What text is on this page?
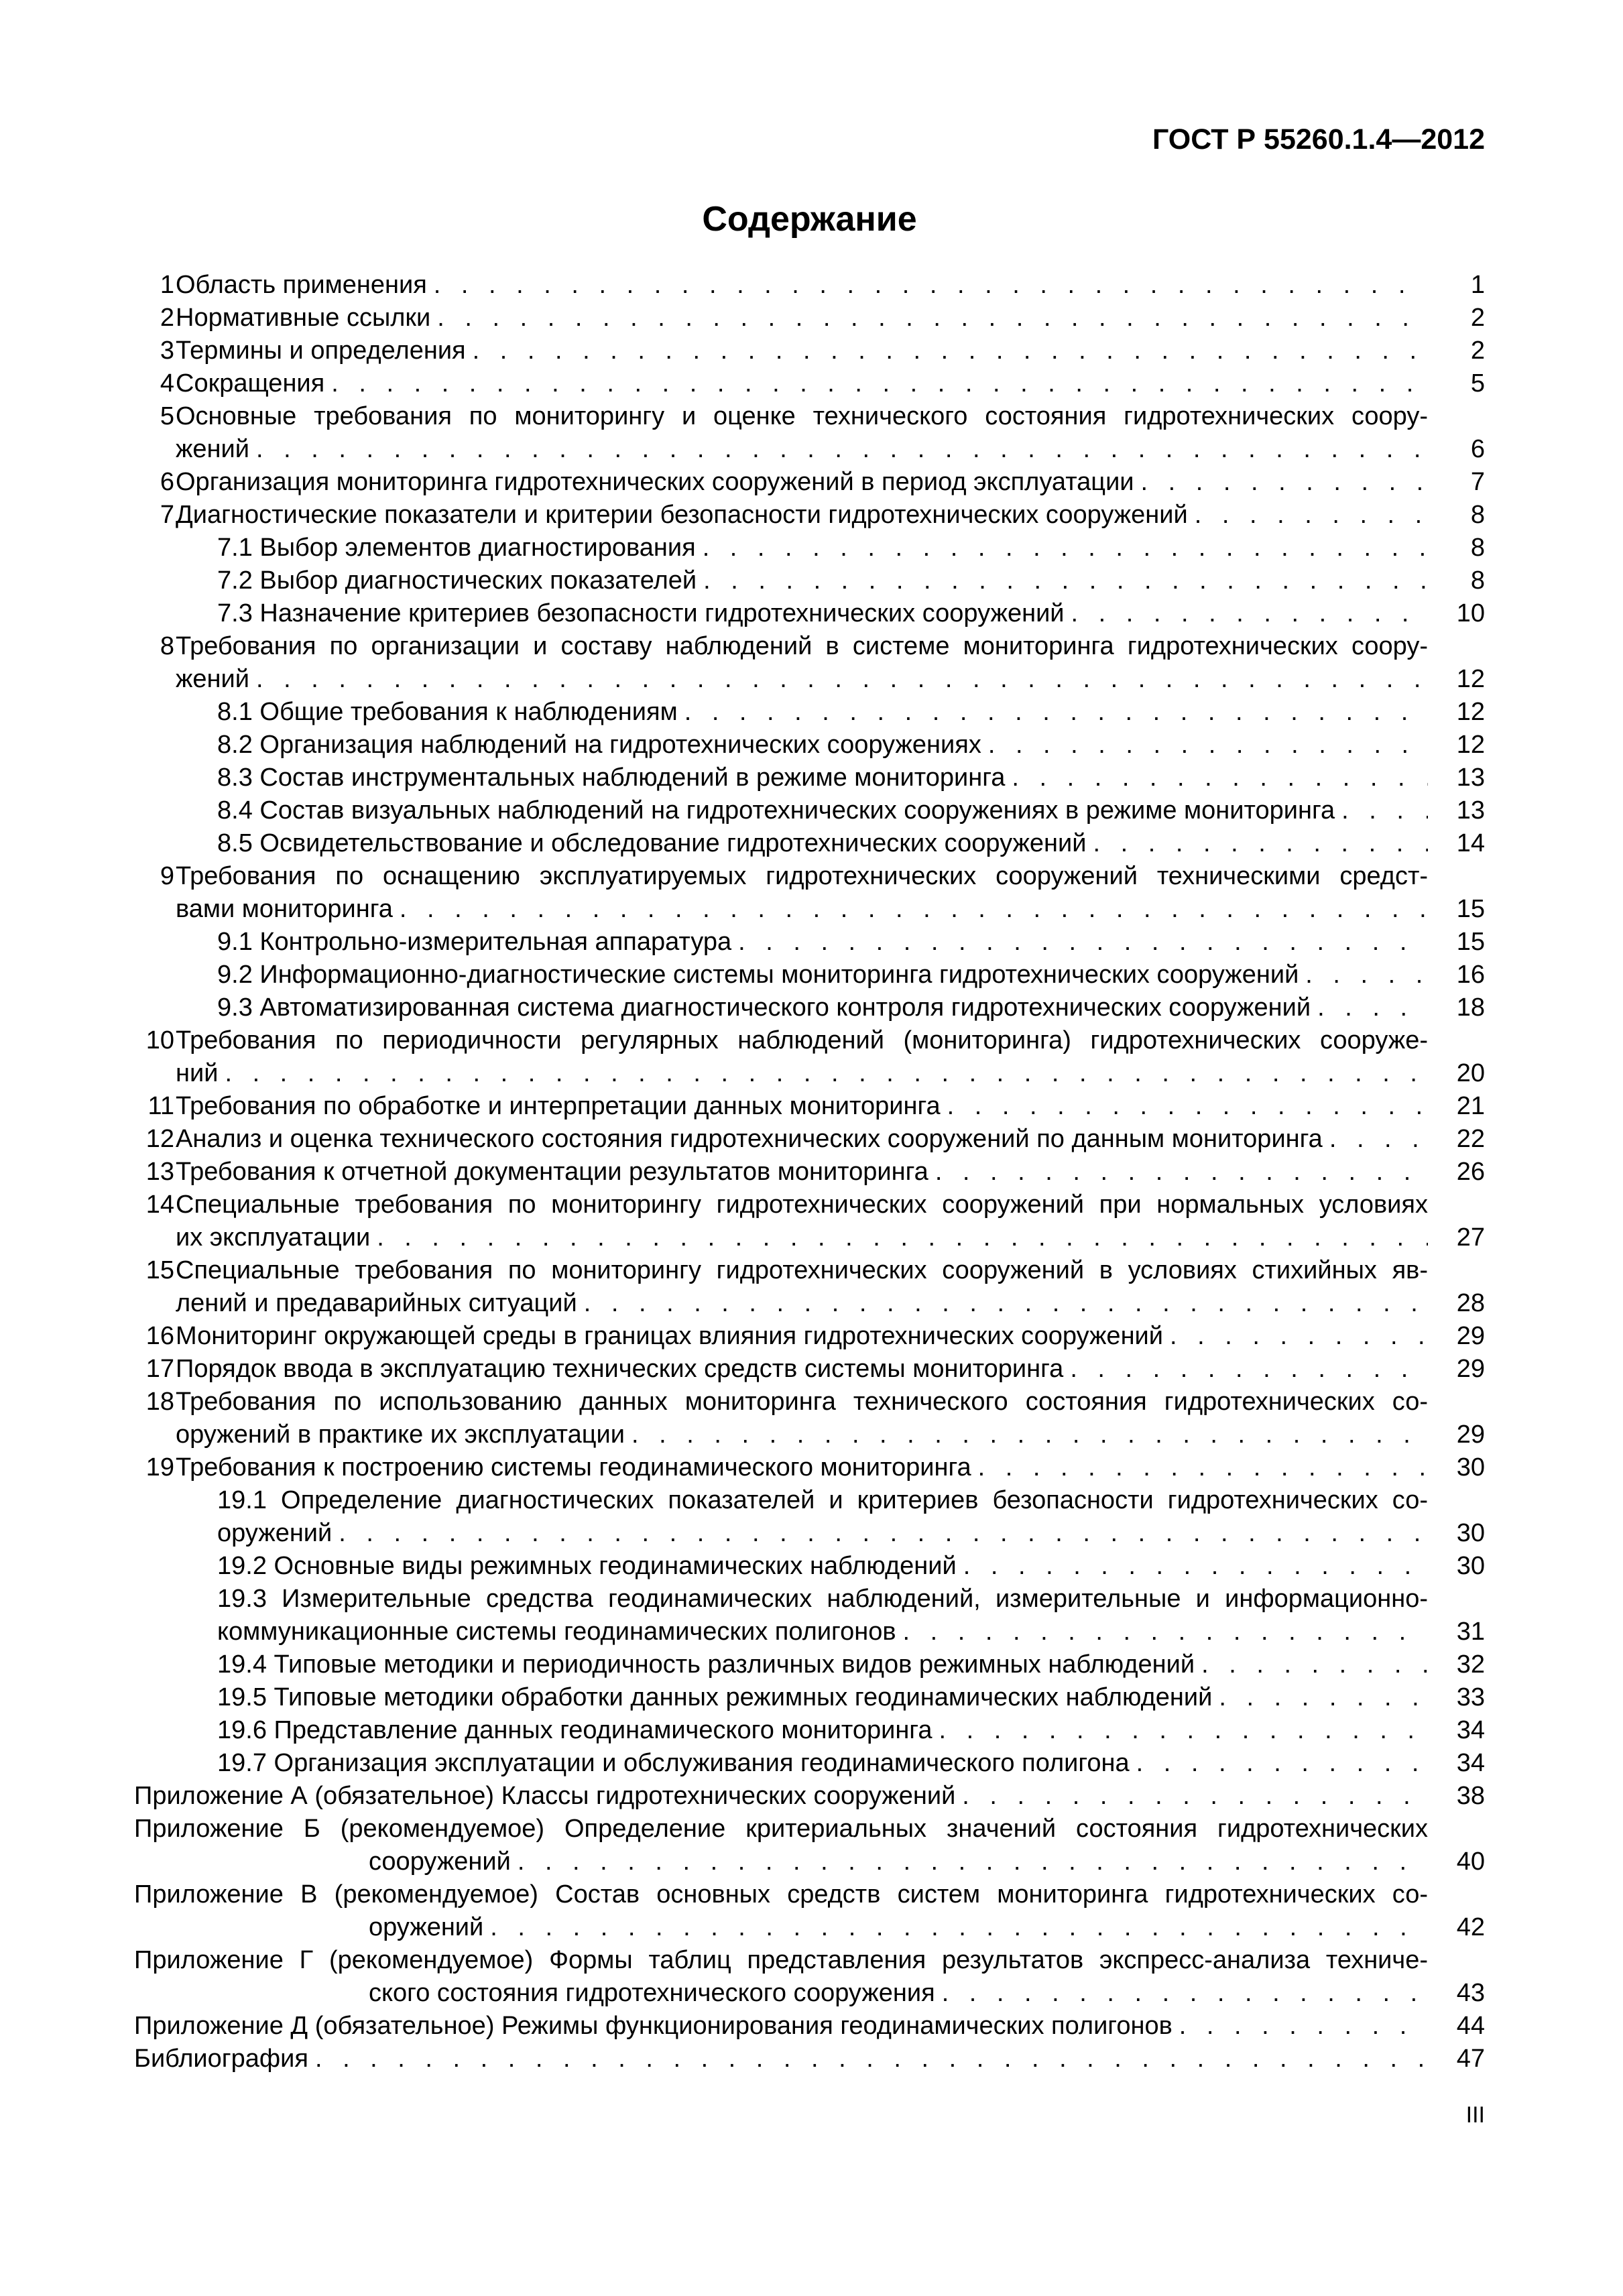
ГОСТ Р 55260.1.4—2012
Содержание
1 Область применения . . .	1
2 Нормативные ссылки . . .	2
3 Термины и определения . . .	2
4 Сокращения . . .	5
5 Основные требования по мониторингу и оценке технического состояния гидротехнических соору-
жений . . .	6
6 Организация мониторинга гидротехнических сооружений в период эксплуатации . . .	7
7 Диагностические показатели и критерии безопасности гидротехнических сооружений . . .	8
7.1 Выбор элементов диагностирования . . .	8
7.2 Выбор диагностических показателей . . .	8
7.3 Назначение критериев безопасности гидротехнических сооружений . . .	10
8 Требования по организации и составу наблюдений в системе мониторинга гидротехнических соору-
жений . . .	12
8.1 Общие требования к наблюдениям . . .	12
8.2 Организация наблюдений на гидротехнических сооружениях . . .	12
8.3 Состав инструментальных наблюдений в режиме мониторинга . . .	13
8.4 Состав визуальных наблюдений на гидротехнических сооружениях в режиме мониторинга . . .	13
8.5 Освидетельствование и обследование гидротехнических сооружений . . .	14
9 Требования по оснащению эксплуатируемых гидротехнических сооружений техническими средст-
вами мониторинга . . .	15
9.1 Контрольно-измерительная аппаратура . . .	15
9.2 Информационно-диагностические системы мониторинга гидротехнических сооружений . . .	16
9.3 Автоматизированная система диагностического контроля гидротехнических сооружений . . .	18
10 Требования по периодичности регулярных наблюдений (мониторинга) гидротехнических сооруже-
ний . . .	20
11 Требования по обработке и интерпретации данных мониторинга . . .	21
12 Анализ и оценка технического состояния гидротехнических сооружений по данным мониторинга . . .	22
13 Требования к отчетной документации результатов мониторинга . . .	26
14 Специальные требования по мониторингу гидротехнических сооружений при нормальных условиях
их эксплуатации . . .	27
15 Специальные требования по мониторингу гидротехнических сооружений в условиях стихийных яв-
лений и предаварийных ситуаций . . .	28
16 Мониторинг окружающей среды в границах влияния гидротехнических сооружений . . .	29
17 Порядок ввода в эксплуатацию технических средств системы мониторинга . . .	29
18 Требования по использованию данных мониторинга технического состояния гидротехнических со-
оружений в практике их эксплуатации . . .	29
19 Требования к построению системы геодинамического мониторинга . . .	30
19.1 Определение диагностических показателей и критериев безопасности гидротехнических со-
оружений . . .	30
19.2 Основные виды режимных геодинамических наблюдений . . .	30
19.3 Измерительные средства геодинамических наблюдений, измерительные и информационно-
коммуникационные системы геодинамических полигонов . . .	31
19.4 Типовые методики и периодичность различных видов режимных наблюдений . . .	32
19.5 Типовые методики обработки данных режимных геодинамических наблюдений . . .	33
19.6 Представление данных геодинамического мониторинга . . .	34
19.7 Организация эксплуатации и обслуживания геодинамического полигона . . .	34
Приложение А (обязательное) Классы гидротехнических сооружений . . .	38
Приложение Б (рекомендуемое) Определение критериальных значений состояния гидротехнических
сооружений . . .	40
Приложение В (рекомендуемое) Состав основных средств систем мониторинга гидротехнических со-
оружений . . .	42
Приложение Г (рекомендуемое) Формы таблиц представления результатов экспресс-анализа техниче-
ского состояния гидротехнического сооружения . . .	43
Приложение Д (обязательное) Режимы функционирования геодинамических полигонов . . .	44
Библиография . . .	47
III
